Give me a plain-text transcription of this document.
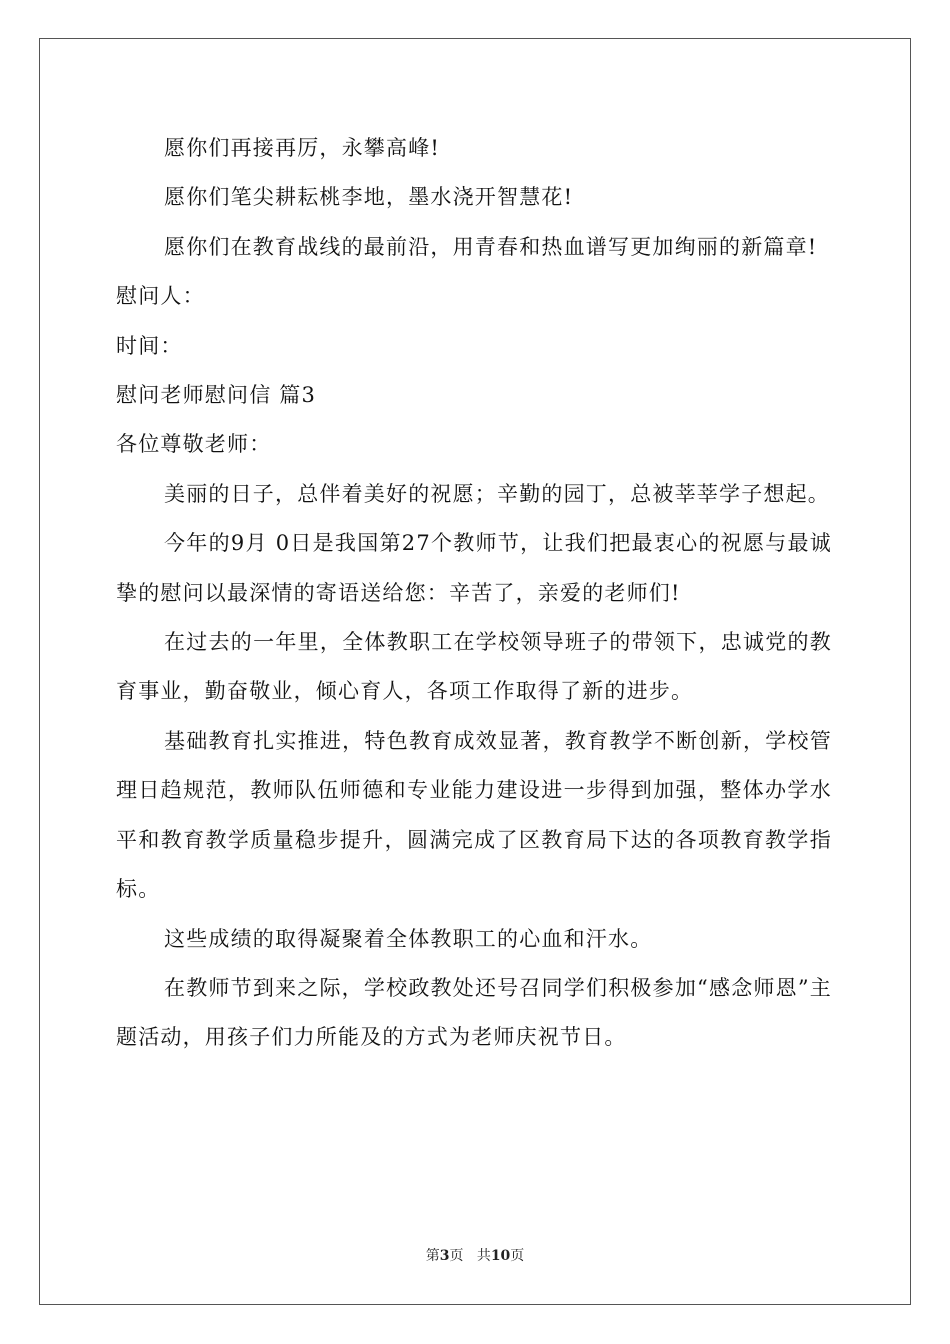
愿你们再接再厉，永攀高峰!

愿你们笔尖耕耘桃李地，墨水浇开智慧花!

愿你们在教育战线的最前沿，用青春和热血谱写更加绚丽的新篇章!

慰问人：

时间：

慰问老师慰问信 篇3

各位尊敬老师：

美丽的日子，总伴着美好的祝愿；辛勤的园丁，总被莘莘学子想起。

今年的9月 0日是我国第27个教师节，让我们把最衷心的祝愿与最诚挚的慰问以最深情的寄语送给您：辛苦了，亲爱的老师们!

在过去的一年里，全体教职工在学校领导班子的带领下，忠诚党的教育事业，勤奋敬业，倾心育人，各项工作取得了新的进步。

基础教育扎实推进，特色教育成效显著，教育教学不断创新，学校管理日趋规范，教师队伍师德和专业能力建设进一步得到加强，整体办学水平和教育教学质量稳步提升，圆满完成了区教育局下达的各项教育教学指标。

这些成绩的取得凝聚着全体教职工的心血和汗水。

在教师节到来之际，学校政教处还号召同学们积极参加“感念师恩”主题活动，用孩子们力所能及的方式为老师庆祝节日。

第3页 共10页
